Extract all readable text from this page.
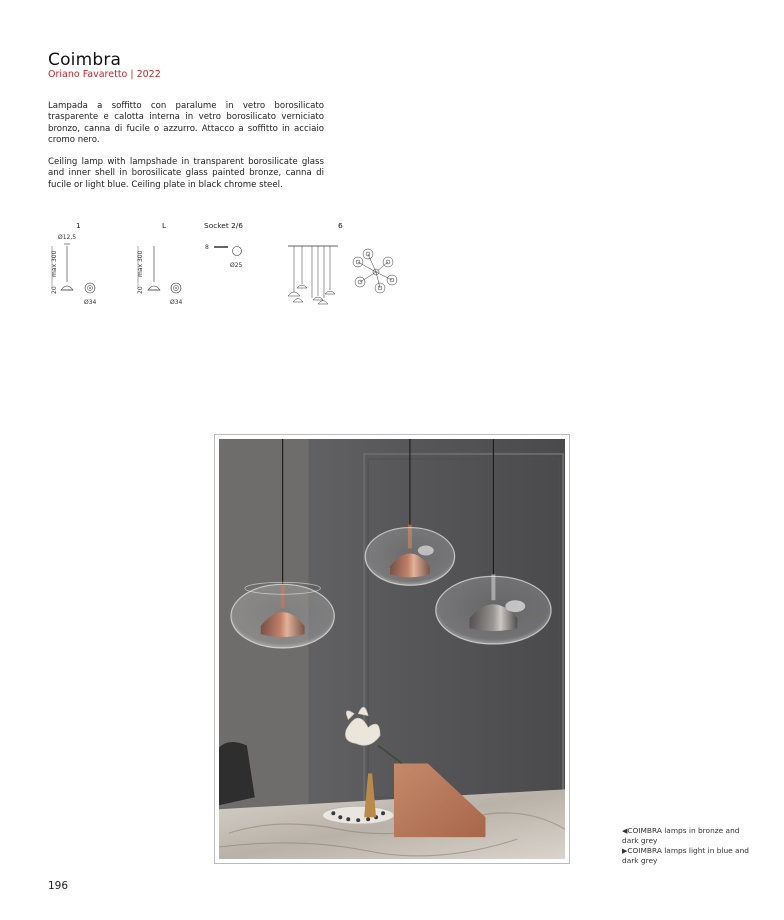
Coimbra
Oriano Favaretto | 2022

Lampada a soffitto con paralume in vetro borosilicato trasparente e calotta interna in vetro borosilicato verniciato bronzo, canna di fucile o azzurro. Attacco a soffitto in acciaio cromo nero.

Ceiling lamp with lampshade in transparent borosilicate glass and inner shell in borosilicate glass painted bronze, canna di fucile or light blue. Ceiling plate in black chrome steel.

1	L	Socket 2/6	6
Ø12,5
max 300
20
Ø34
max 300
20
Ø34
8
Ø25
◀COIMBRA lamps in bronze and dark grey
▶COIMBRA lamps light in blue and dark grey
196
